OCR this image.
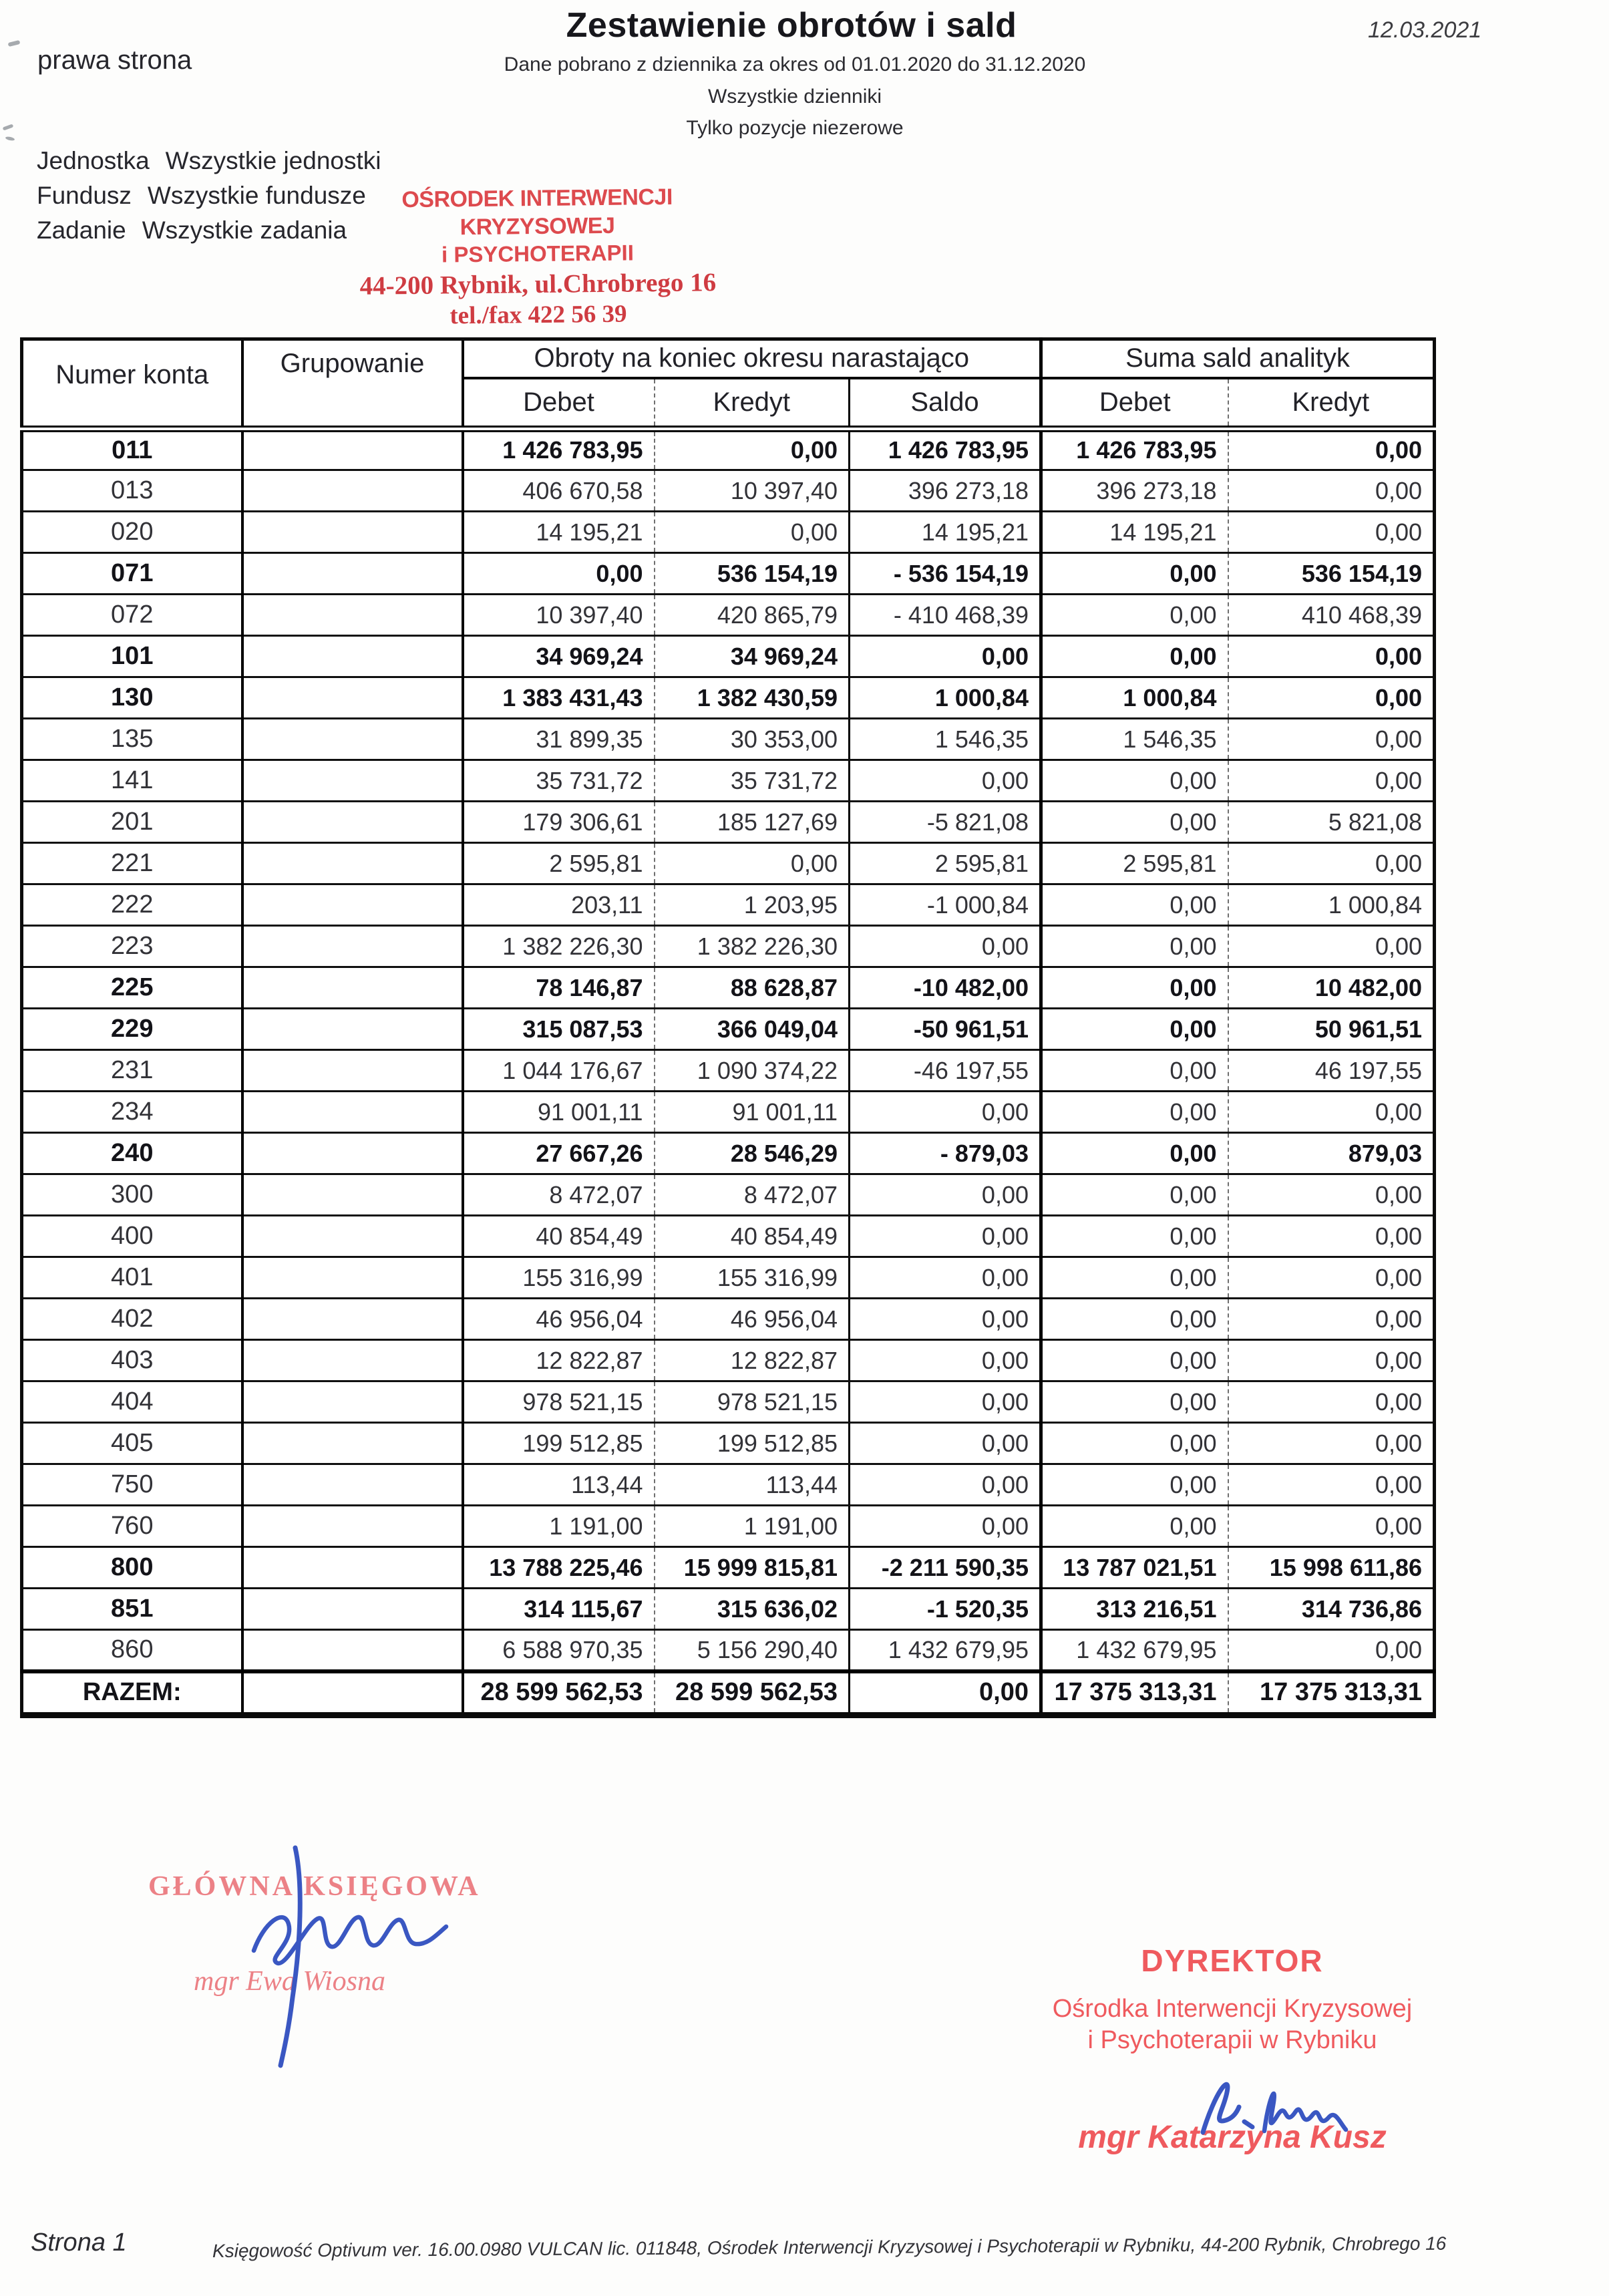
Zestawienie obrotów i sald	12.03.2021
prawa strona	Dane pobrano z dziennika za okres od 01.01.2020 do 31.12.2020
Wszystkie dzienniki
Tylko pozycje niezerowe
Jednostka Wszystkie jednostki
Fundusz Wszystkie fundusze
Zadanie Wszystkie zadania
OŚRODEK INTERWENCJI KRYZYSOWEJ
i PSYCHOTERAPII
44-200 Rybnik, ul.Chrobrego 16
tel./fax 422 56 39
Numer konta	Grupowanie	Obroty na koniec okresu narastająco			Suma sald analityk	
		Debet	Kredyt	Saldo	Debet	Kredyt
011		1 426 783,95	0,00	1 426 783,95	1 426 783,95	0,00
013		406 670,58	10 397,40	396 273,18	396 273,18	0,00
020		14 195,21	0,00	14 195,21	14 195,21	0,00
071		0,00	536 154,19	- 536 154,19	0,00	536 154,19
072		10 397,40	420 865,79	- 410 468,39	0,00	410 468,39
101		34 969,24	34 969,24	0,00	0,00	0,00
130		1 383 431,43	1 382 430,59	1 000,84	1 000,84	0,00
135		31 899,35	30 353,00	1 546,35	1 546,35	0,00
141		35 731,72	35 731,72	0,00	0,00	0,00
201		179 306,61	185 127,69	-5 821,08	0,00	5 821,08
221		2 595,81	0,00	2 595,81	2 595,81	0,00
222		203,11	1 203,95	-1 000,84	0,00	1 000,84
223		1 382 226,30	1 382 226,30	0,00	0,00	0,00
225		78 146,87	88 628,87	-10 482,00	0,00	10 482,00
229		315 087,53	366 049,04	-50 961,51	0,00	50 961,51
231		1 044 176,67	1 090 374,22	-46 197,55	0,00	46 197,55
234		91 001,11	91 001,11	0,00	0,00	0,00
240		27 667,26	28 546,29	- 879,03	0,00	879,03
300		8 472,07	8 472,07	0,00	0,00	0,00
400		40 854,49	40 854,49	0,00	0,00	0,00
401		155 316,99	155 316,99	0,00	0,00	0,00
402		46 956,04	46 956,04	0,00	0,00	0,00
403		12 822,87	12 822,87	0,00	0,00	0,00
404		978 521,15	978 521,15	0,00	0,00	0,00
405		199 512,85	199 512,85	0,00	0,00	0,00
750		113,44	113,44	0,00	0,00	0,00
760		1 191,00	1 191,00	0,00	0,00	0,00
800		13 788 225,46	15 999 815,81	-2 211 590,35	13 787 021,51	15 998 611,86
851		314 115,67	315 636,02	-1 520,35	313 216,51	314 736,86
860		6 588 970,35	5 156 290,40	1 432 679,95	1 432 679,95	0,00
RAZEM:		28 599 562,53	28 599 562,53	0,00	17 375 313,31	17 375 313,31
GŁÓWNA KSIĘGOWA
mgr Ewa Wiosna
DYREKTOR
Ośrodka Interwencji Kryzysowej
i Psychoterapii w Rybniku
mgr Katarzyna Kusz
Strona 1	Księgowość Optivum ver. 16.00.0980 VULCAN lic. 011848, Ośrodek Interwencji Kryzysowej i Psychoterapii w Rybniku, 44-200 Rybnik, Chrobrego 16
